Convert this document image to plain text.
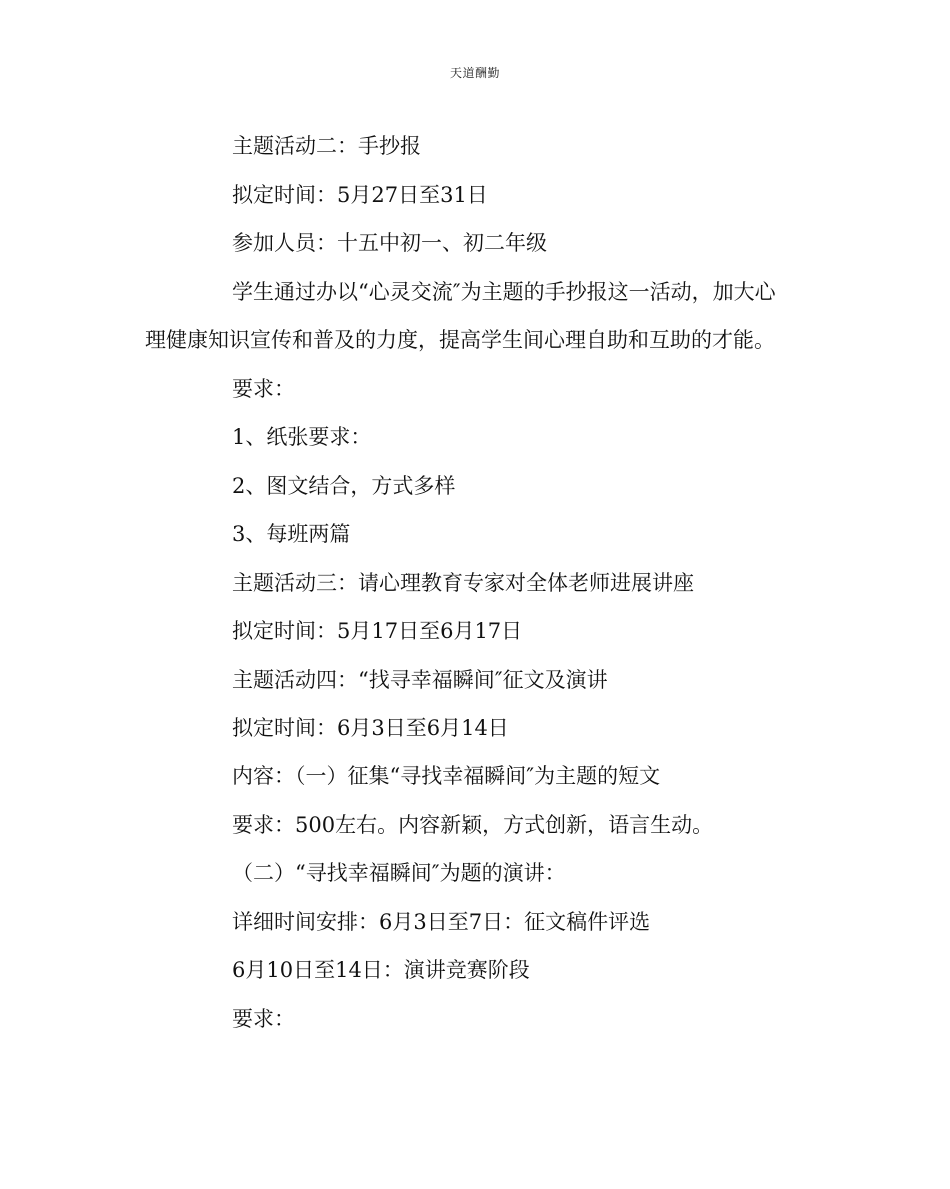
天道酬勤
主题活动二：手抄报
拟定时间：5月27日至31日
参加人员：十五中初一、初二年级
学生通过办以“心灵交流″为主题的手抄报这一活动，加大心
理健康知识宣传和普及的力度，提高学生间心理自助和互助的才能。
要求：
1、纸张要求：
2、图文结合，方式多样
3、每班两篇
主题活动三：请心理教育专家对全体老师进展讲座
拟定时间：5月17日至6月17日
主题活动四：“找寻幸福瞬间″征文及演讲
拟定时间：6月3日至6月14日
内容：（一）征集“寻找幸福瞬间″为主题的短文
要求：500左右。内容新颖，方式创新，语言生动。
（二）“寻找幸福瞬间″为题的演讲：
详细时间安排：6月3日至7日：征文稿件评选
6月10日至14日：演讲竞赛阶段
要求：
